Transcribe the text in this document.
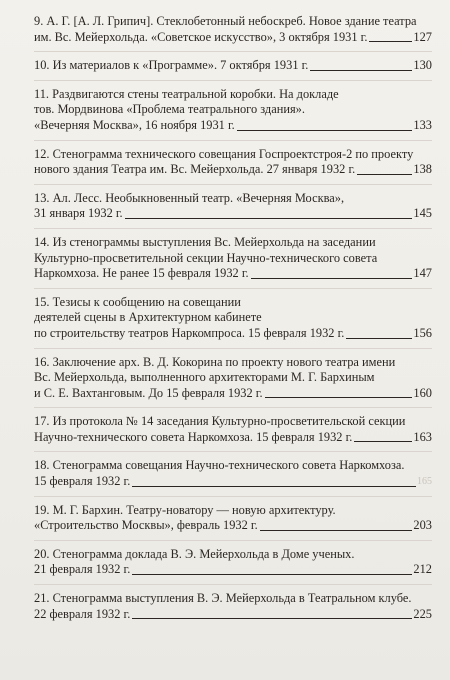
9. А. Г. [А. Л. Грипич]. Стеклобетонный небоскреб. Новое здание театра
им. Вс. Мейерхольда. «Советское искусство», 3 октября 1931 г.	127
10. Из материалов к «Программе». 7 октября 1931 г.	130
11. Раздвигаются стены театральной коробки. На докладе
тов. Мордвинова «Проблема театрального здания».
«Вечерняя Москва», 16 ноября 1931 г.	133
12. Стенограмма технического совещания Госпроектстроя-2 по проекту
нового здания Театра им. Вс. Мейерхольда. 27 января 1932 г.	138
13. Ал. Лесс. Необыкновенный театр. «Вечерняя Москва»,
31 января 1932 г.	145
14. Из стенограммы выступления Вс. Мейерхольда на заседании
Культурно-просветительной секции Научно-технического совета
Наркомхоза. Не ранее 15 февраля 1932 г.	147
15. Тезисы к сообщению на совещании
деятелей сцены в Архитектурном кабинете
по строительству театров Наркомпроса. 15 февраля 1932 г.	156
16. Заключение арх. В. Д. Кокорина по проекту нового театра имени
Вс. Мейерхольда, выполненного архитекторами М. Г. Бархиным
и С. Е. Вахтанговым. До 15 февраля 1932 г.	160
17. Из протокола № 14 заседания Культурно-просветительской секции
Научно-технического совета Наркомхоза. 15 февраля 1932 г.	163
18. Стенограмма совещания Научно-технического совета Наркомхоза.
15 февраля 1932 г.	165
19. М. Г. Бархин. Театру-новатору — новую архитектуру.
«Строительство Москвы», февраль 1932 г.	203
20. Стенограмма доклада В. Э. Мейерхольда в Доме ученых.
21 февраля 1932 г.	212
21. Стенограмма выступления В. Э. Мейерхольда в Театральном клубе.
22 февраля 1932 г.	225
